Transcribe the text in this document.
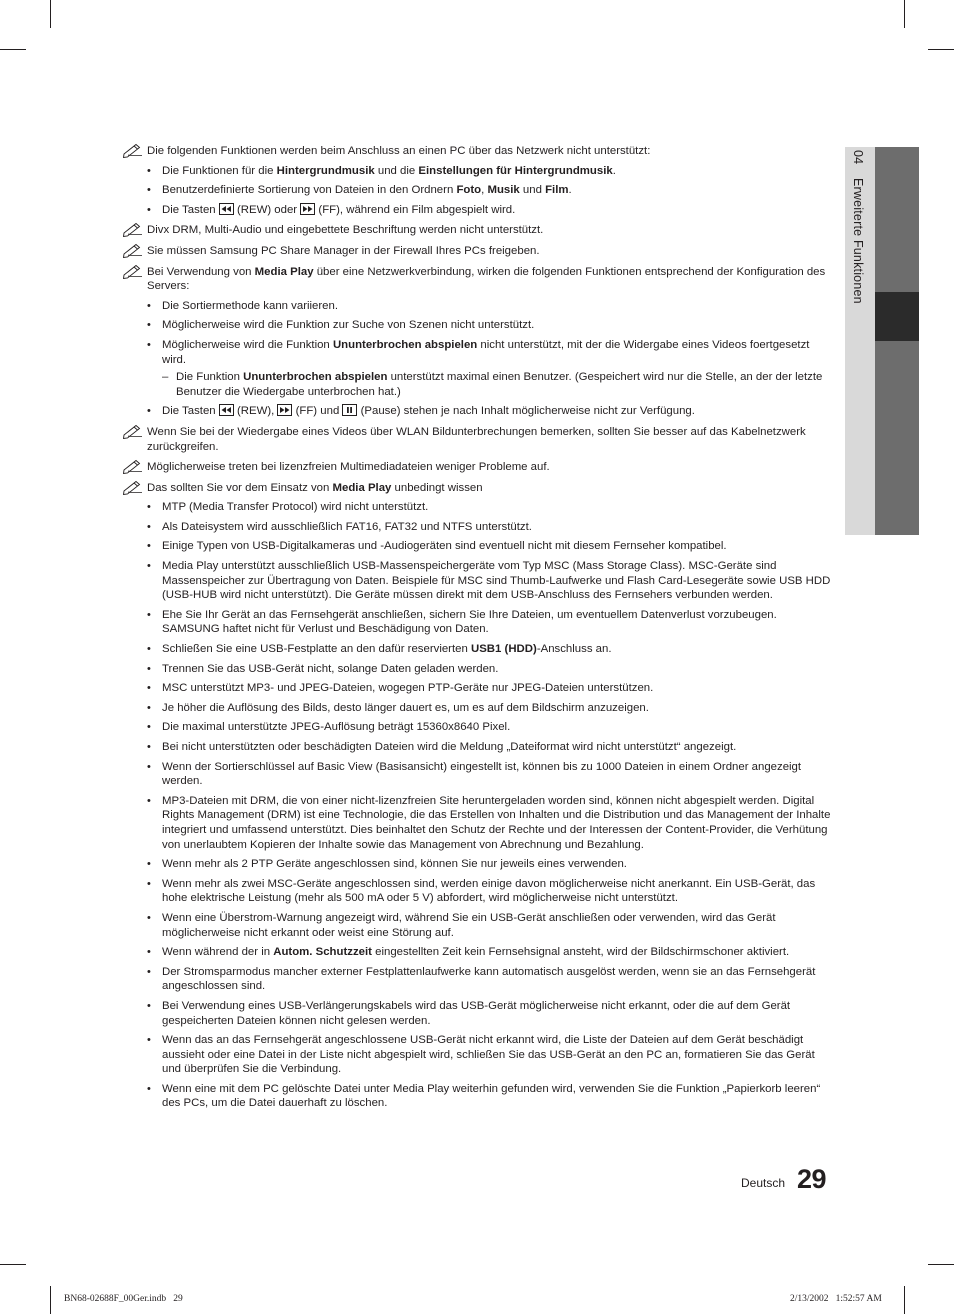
04 Erweiterte Funktionen
Die folgenden Funktionen werden beim Anschluss an einen PC über das Netzwerk nicht unterstützt:
• Die Funktionen für die Hintergrundmusik und die Einstellungen für Hintergrundmusik.
• Benutzerdefinierte Sortierung von Dateien in den Ordnern Foto, Musik und Film.
• Die Tasten  (REW) oder  (FF), während ein Film abgespielt wird.
Divx DRM, Multi-Audio und eingebettete Beschriftung werden nicht unterstützt.
Sie müssen Samsung PC Share Manager in der Firewall Ihres PCs freigeben.
Bei Verwendung von Media Play über eine Netzwerkverbindung, wirken die folgenden Funktionen entsprechend der Konfiguration des Servers:
• Die Sortiermethode kann variieren.
• Möglicherweise wird die Funktion zur Suche von Szenen nicht unterstützt.
• Möglicherweise wird die Funktion Ununterbrochen abspielen nicht unterstützt, mit der die Widergabe eines Videos foertgesetzt wird.
– Die Funktion Ununterbrochen abspielen unterstützt maximal einen Benutzer. (Gespeichert wird nur die Stelle, an der der letzte Benutzer die Wiedergabe unterbrochen hat.)
• Die Tasten  (REW),  (FF) und  (Pause) stehen je nach Inhalt möglicherweise nicht zur Verfügung.
Wenn Sie bei der Wiedergabe eines Videos über WLAN Bildunterbrechungen bemerken, sollten Sie besser auf das Kabelnetzwerk zurückgreifen.
Möglicherweise treten bei lizenzfreien Multimediadateien weniger Probleme auf.
Das sollten Sie vor dem Einsatz von Media Play unbedingt wissen
• MTP (Media Transfer Protocol) wird nicht unterstützt.
• Als Dateisystem wird ausschließlich FAT16, FAT32 und NTFS unterstützt.
• Einige Typen von USB-Digitalkameras und -Audiogeräten sind eventuell nicht mit diesem Fernseher kompatibel.
• Media Play unterstützt ausschließlich USB-Massenspeichergeräte vom Typ MSC (Mass Storage Class). MSC-Geräte sind Massenspeicher zur Übertragung von Daten. Beispiele für MSC sind Thumb-Laufwerke und Flash Card-Lesegeräte sowie USB HDD (USB-HUB wird nicht unterstützt). Die Geräte müssen direkt mit dem USB-Anschluss des Fernsehers verbunden werden.
• Ehe Sie Ihr Gerät an das Fernsehgerät anschließen, sichern Sie Ihre Dateien, um eventuellem Datenverlust vorzubeugen. SAMSUNG haftet nicht für Verlust und Beschädigung von Daten.
• Schließen Sie eine USB-Festplatte an den dafür reservierten USB1 (HDD)-Anschluss an.
• Trennen Sie das USB-Gerät nicht, solange Daten geladen werden.
• MSC unterstützt MP3- und JPEG-Dateien, wogegen PTP-Geräte nur JPEG-Dateien unterstützen.
• Je höher die Auflösung des Bilds, desto länger dauert es, um es auf dem Bildschirm anzuzeigen.
• Die maximal unterstützte JPEG-Auflösung beträgt 15360x8640 Pixel.
• Bei nicht unterstützten oder beschädigten Dateien wird die Meldung „Dateiformat wird nicht unterstützt“ angezeigt.
• Wenn der Sortierschlüssel auf Basic View (Basisansicht) eingestellt ist, können bis zu 1000 Dateien in einem Ordner angezeigt werden.
• MP3-Dateien mit DRM, die von einer nicht-lizenzfreien Site heruntergeladen worden sind, können nicht abgespielt werden. Digital Rights Management (DRM) ist eine Technologie, die das Erstellen von Inhalten und die Distribution und das Management der Inhalte integriert und umfassend unterstützt. Dies beinhaltet den Schutz der Rechte und der Interessen der Content-Provider, die Verhütung von unerlaubtem Kopieren der Inhalte sowie das Management von Abrechnung und Bezahlung.
• Wenn mehr als 2 PTP Geräte angeschlossen sind, können Sie nur jeweils eines verwenden.
• Wenn mehr als zwei MSC-Geräte angeschlossen sind, werden einige davon möglicherweise nicht anerkannt. Ein USB-Gerät, das hohe elektrische Leistung (mehr als 500 mA oder 5 V) abfordert, wird möglicherweise nicht unterstützt.
• Wenn eine Überstrom-Warnung angezeigt wird, während Sie ein USB-Gerät anschließen oder verwenden, wird das Gerät möglicherweise nicht erkannt oder weist eine Störung auf.
• Wenn während der in Autom. Schutzzeit eingestellten Zeit kein Fernsehsignal ansteht, wird der Bildschirmschoner aktiviert.
• Der Stromsparmodus mancher externer Festplattenlaufwerke kann automatisch ausgelöst werden, wenn sie an das Fernsehgerät angeschlossen sind.
• Bei Verwendung eines USB-Verlängerungskabels wird das USB-Gerät möglicherweise nicht erkannt, oder die auf dem Gerät gespeicherten Dateien können nicht gelesen werden.
• Wenn das an das Fernsehgerät angeschlossene USB-Gerät nicht erkannt wird, die Liste der Dateien auf dem Gerät beschädigt aussieht oder eine Datei in der Liste nicht abgespielt wird, schließen Sie das USB-Gerät an den PC an, formatieren Sie das Gerät und überprüfen Sie die Verbindung.
• Wenn eine mit dem PC gelöschte Datei unter Media Play weiterhin gefunden wird, verwenden Sie die Funktion „Papierkorb leeren“ des PCs, um die Datei dauerhaft zu löschen.
Deutsch 29
BN68-02688F_00Ger.indb   29	2/13/2002   1:52:57 AM
